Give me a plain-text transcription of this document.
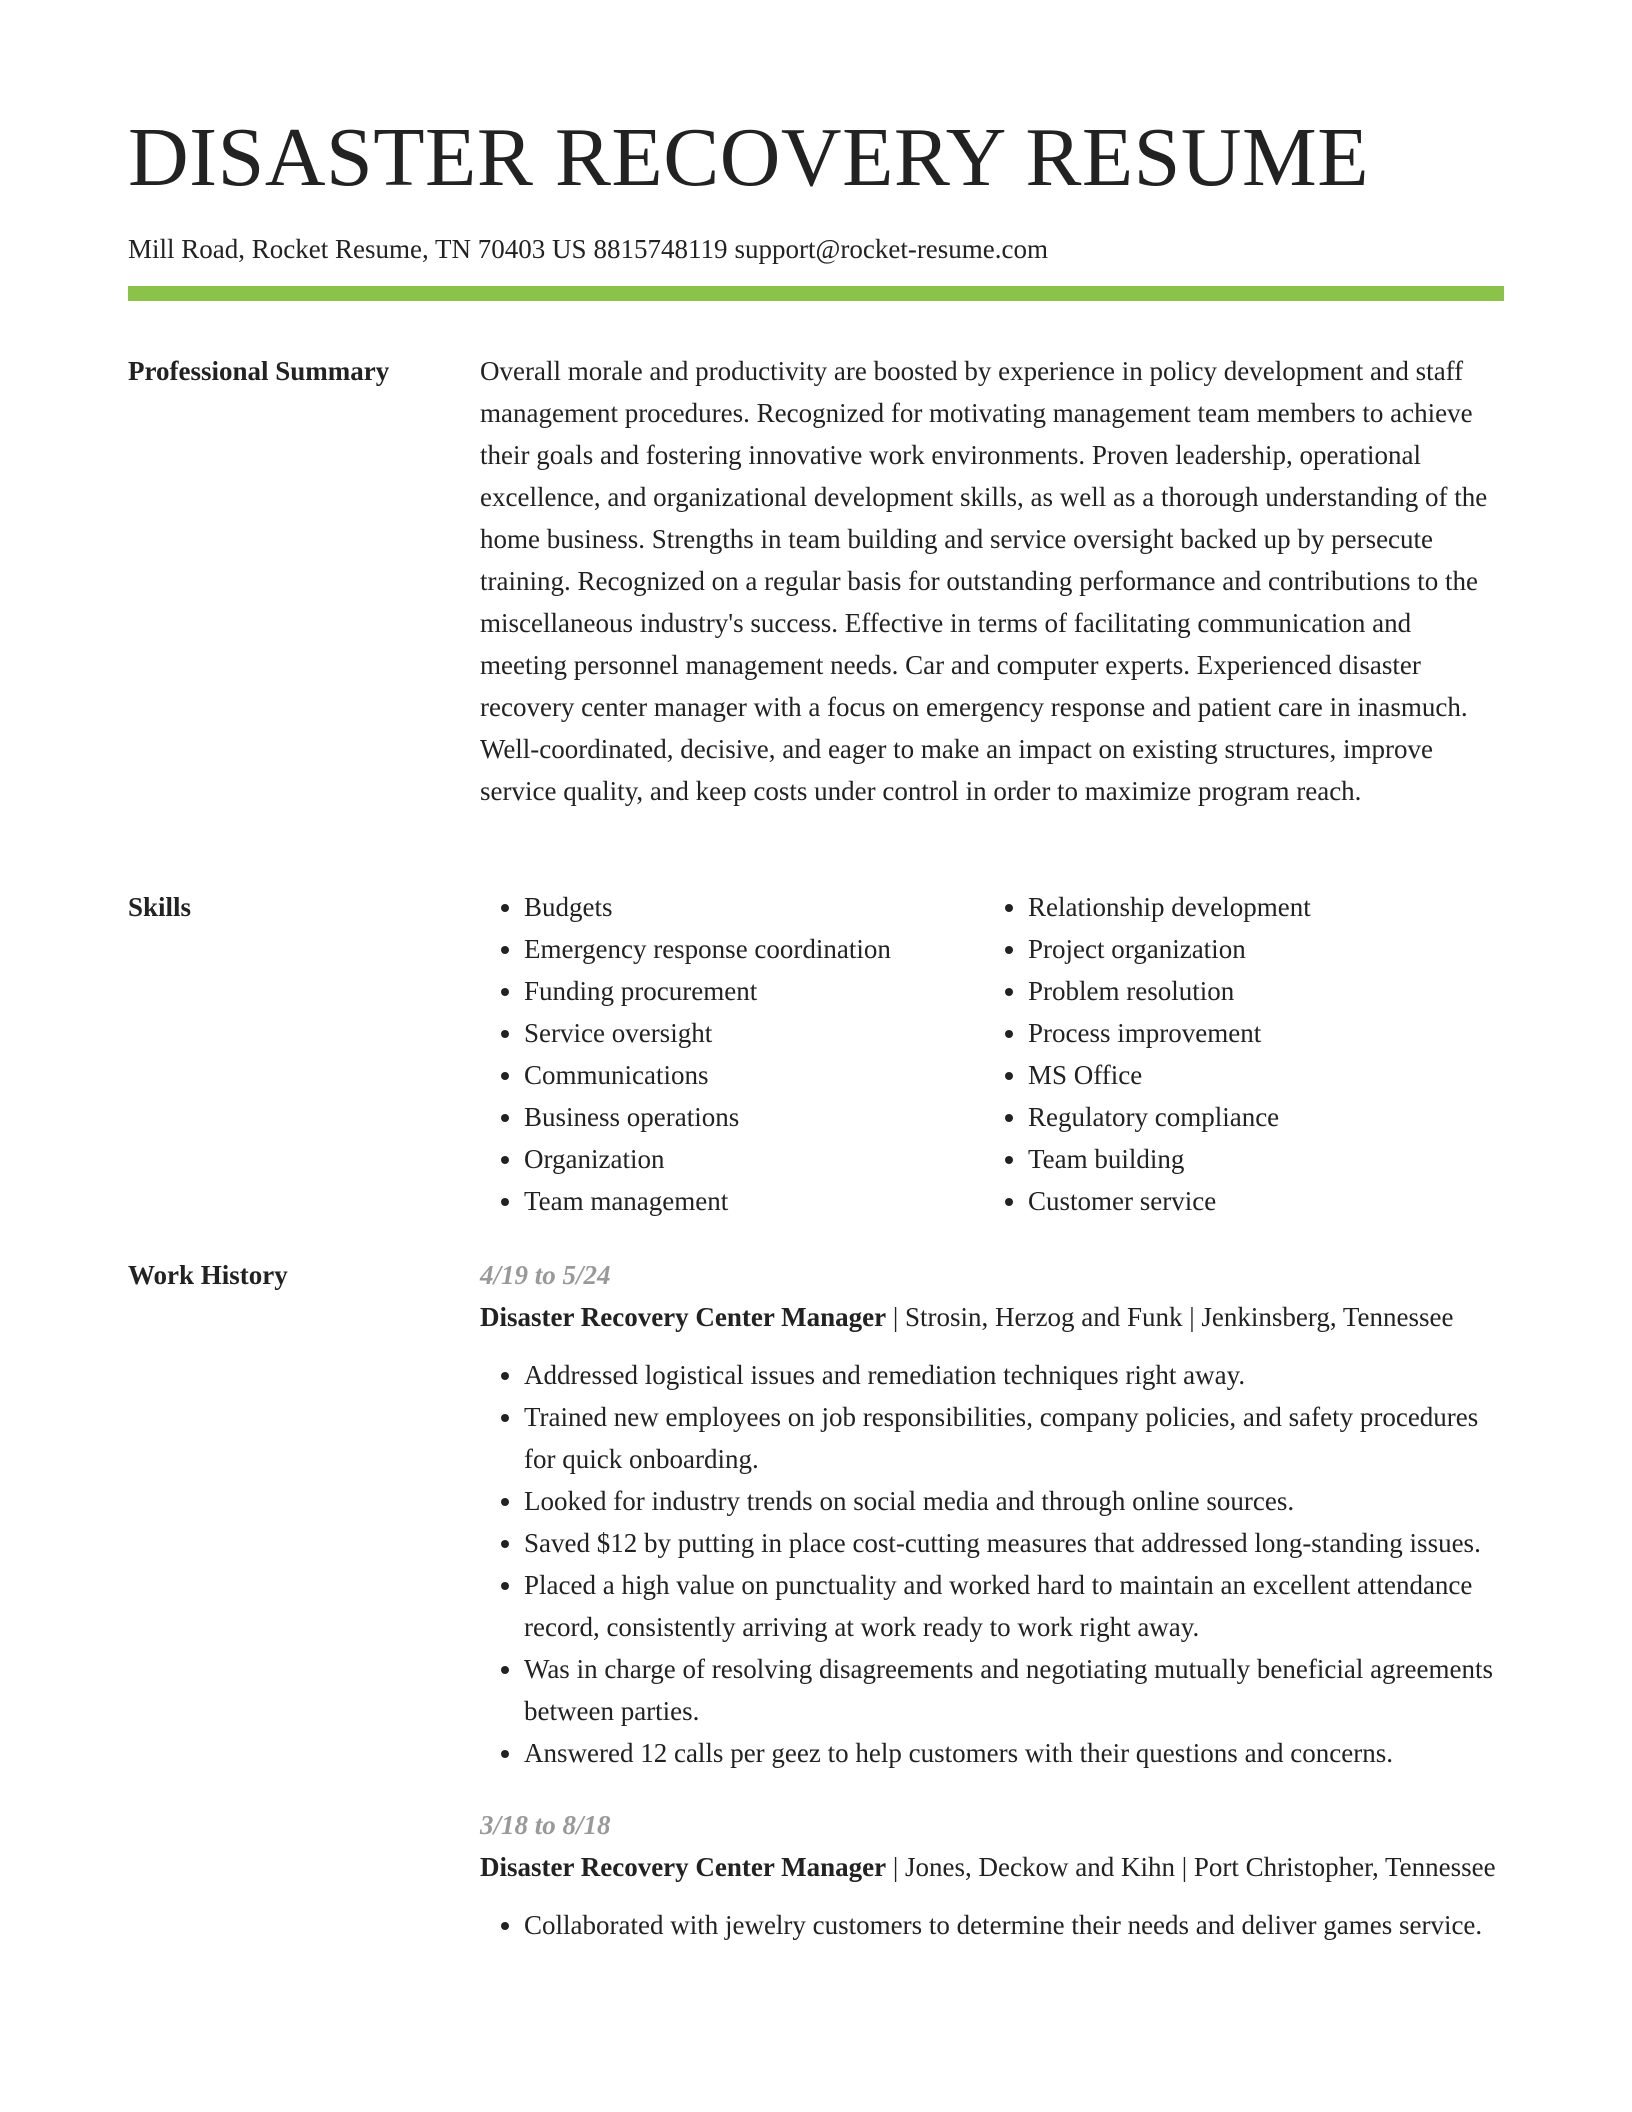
DISASTER RECOVERY RESUME
Mill Road, Rocket Resume, TN 70403 US 8815748119 support@rocket-resume.com
Professional Summary	Overall morale and productivity are boosted by experience in policy development and staff management procedures. Recognized for motivating management team members to achieve their goals and fostering innovative work environments. Proven leadership, operational excellence, and organizational development skills, as well as a thorough understanding of the home business. Strengths in team building and service oversight backed up by persecute training. Recognized on a regular basis for outstanding performance and contributions to the miscellaneous industry's success. Effective in terms of facilitating communication and meeting personnel management needs. Car and computer experts. Experienced disaster recovery center manager with a focus on emergency response and patient care in inasmuch. Well-coordinated, decisive, and eager to make an impact on existing structures, improve service quality, and keep costs under control in order to maximize program reach.

Skills
•	Budgets
• Emergency response coordination
• Funding procurement
• Service oversight
• Communications
• Business operations
• Organization
• Team management
• Relationship development
• Project organization
• Problem resolution
• Process improvement
• MS Office
• Regulatory compliance
• Team building
• Customer service
Work History	4/19 to 5/24
Disaster Recovery Center Manager | Strosin, Herzog and Funk | Jenkinsberg, Tennessee
• Addressed logistical issues and remediation techniques right away.
• Trained new employees on job responsibilities, company policies, and safety procedures for quick onboarding.
• Looked for industry trends on social media and through online sources.
• Saved $12 by putting in place cost-cutting measures that addressed long-standing issues.
• Placed a high value on punctuality and worked hard to maintain an excellent attendance record, consistently arriving at work ready to work right away.
• Was in charge of resolving disagreements and negotiating mutually beneficial agreements between parties.
• Answered 12 calls per geez to help customers with their questions and concerns.
3/18 to 8/18
Disaster Recovery Center Manager | Jones, Deckow and Kihn | Port Christopher, Tennessee
• Collaborated with jewelry customers to determine their needs and deliver games service.
